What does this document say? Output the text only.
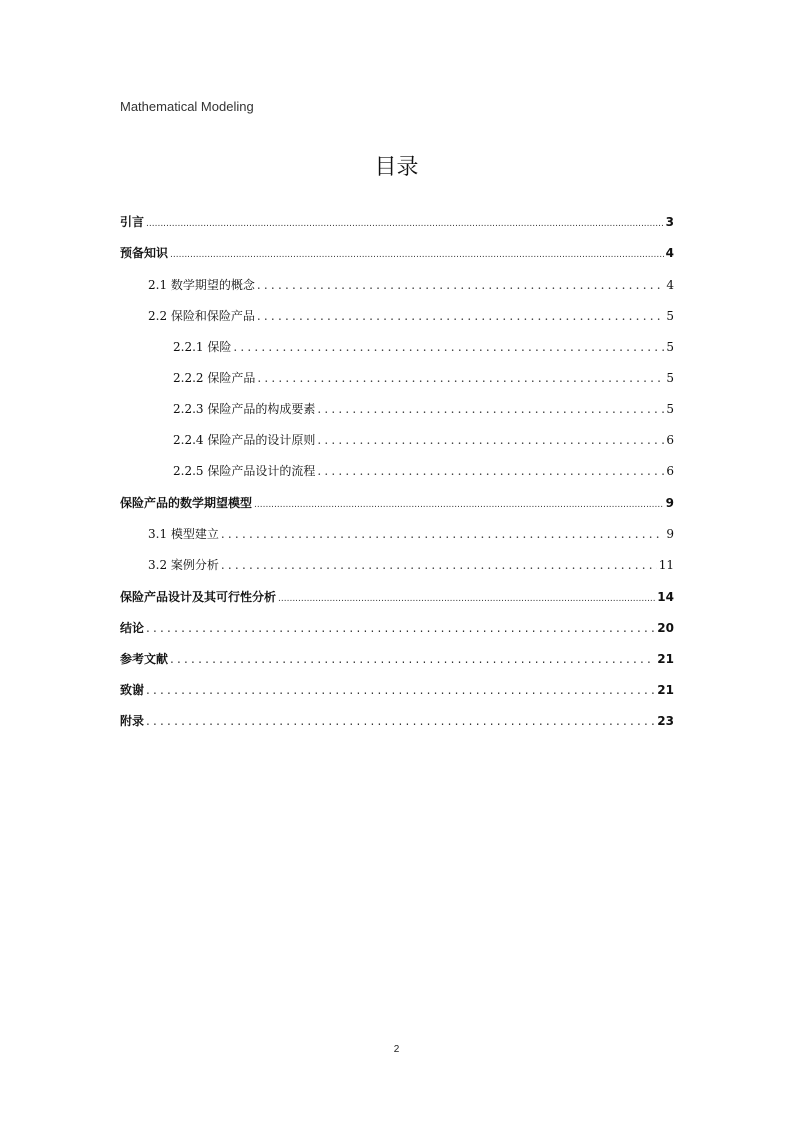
Mathematical Modeling
目录
引言 .....	3
预备知识 .....	4
2.1 数学期望的概念 .....	4
2.2 保险和保险产品 .....	5
2.2.1 保险 .....	5
2.2.2 保险产品 .....	5
2.2.3 保险产品的构成要素 .....	5
2.2.4 保险产品的设计原则 .....	6
2.2.5 保险产品设计的流程 .....	6
保险产品的数学期望模型 .....	9
3.1 模型建立 .....	9
3.2 案例分析 .....	11
保险产品设计及其可行性分析 .....	14
结论 .....	20
参考文献 .....	21
致谢 .....	21
附录 .....	23
2
